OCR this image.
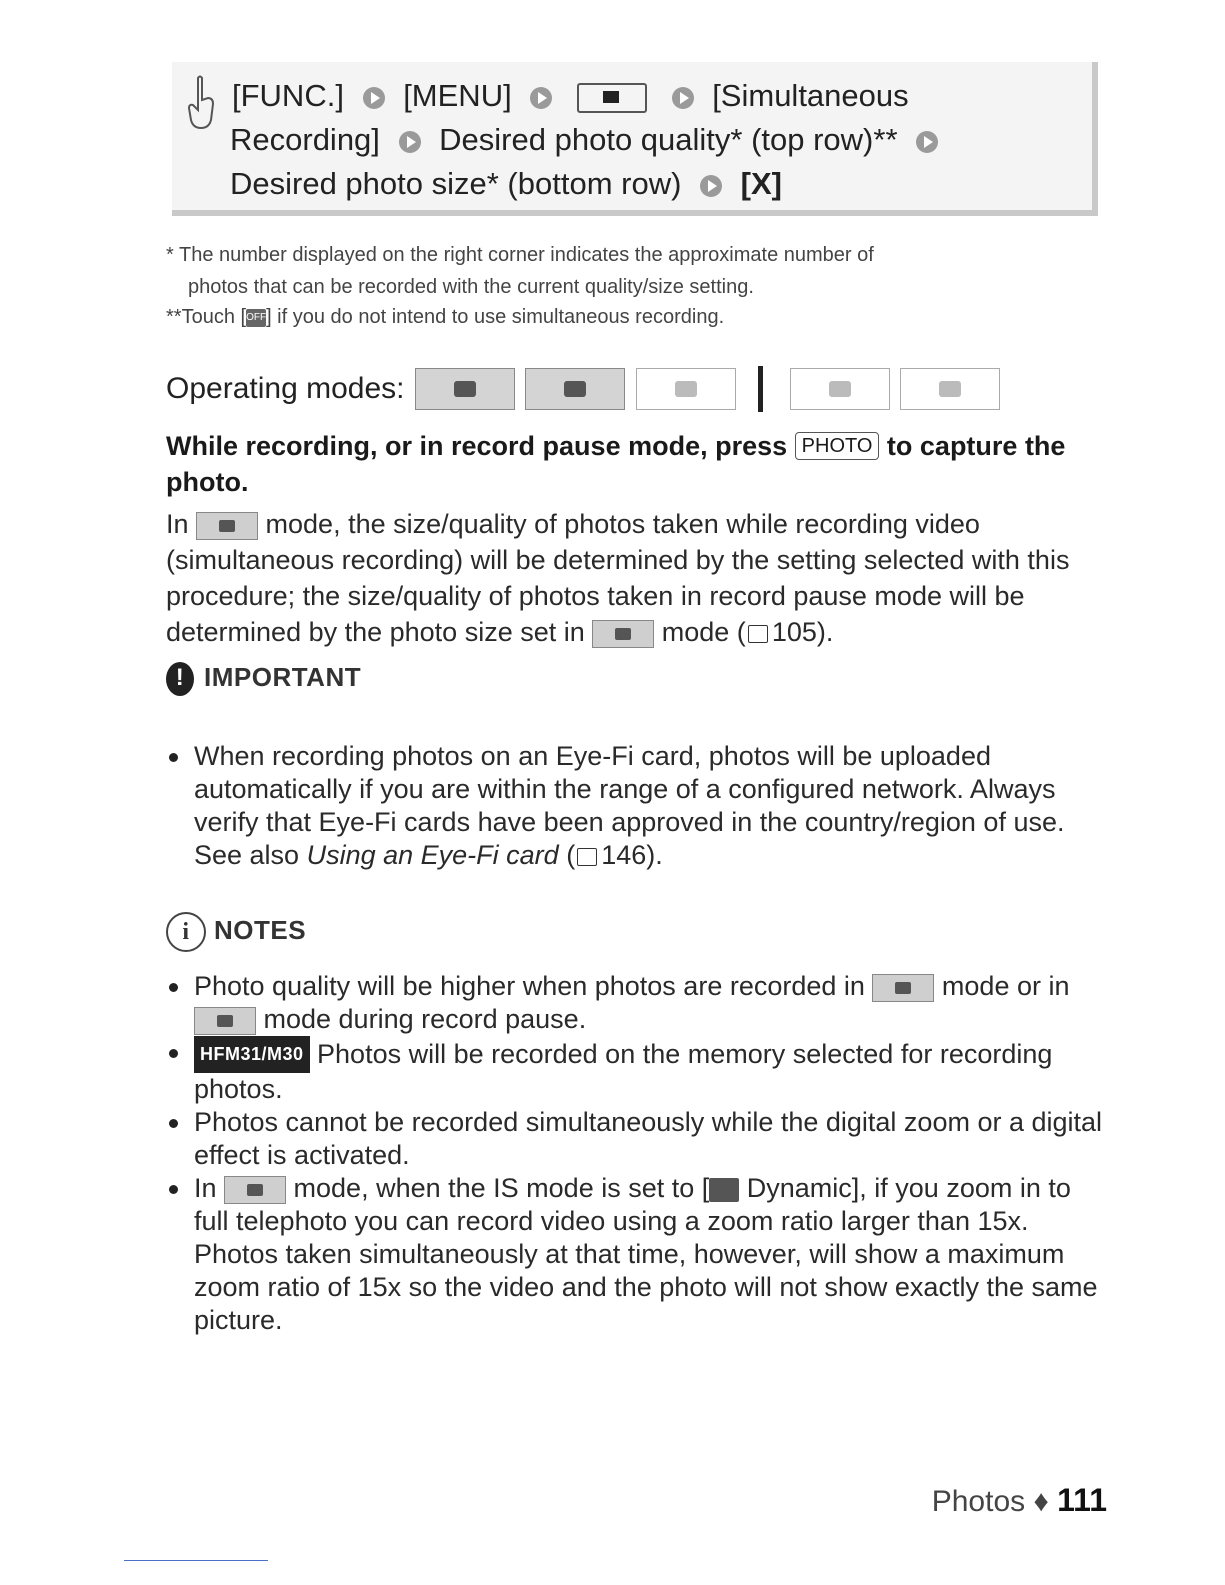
[FUNC.] [MENU]	[Simultaneous
Recording] Desired photo quality* (top row)**
Desired photo size* (bottom row) [X]
* The number displayed on the right corner indicates the approximate number of
photos that can be recorded with the current quality/size setting.
**Touch [OFF] if you do not intend to use simultaneous recording.
Operating modes:

While recording, or in record pause mode, press PHOTO to capture the photo.
In  mode, the size/quality of photos taken while recording video (simultaneous recording) will be determined by the setting selected with this procedure; the size/quality of photos taken in record pause mode will be determined by the photo size set in  mode ( 105).
!IMPORTANT
When recording photos on an Eye-Fi card, photos will be uploaded automatically if you are within the range of a configured network. Always verify that Eye-Fi cards have been approved in the country/region of use. See also Using an Eye-Fi card ( 146).
i NOTES
Photo quality will be higher when photos are recorded in  mode or in  mode during record pause.
HFM31/M30 Photos will be recorded on the memory selected for recording photos.
Photos cannot be recorded simultaneously while the digital zoom or a digital effect is activated.
In  mode, when the IS mode is set to [ Dynamic], if you zoom in to full telephoto you can record video using a zoom ratio larger than 15x. Photos taken simultaneously at that time, however, will show a maximum zoom ratio of 15x so the video and the photo will not show exactly the same picture.
Photos ♦ 111
